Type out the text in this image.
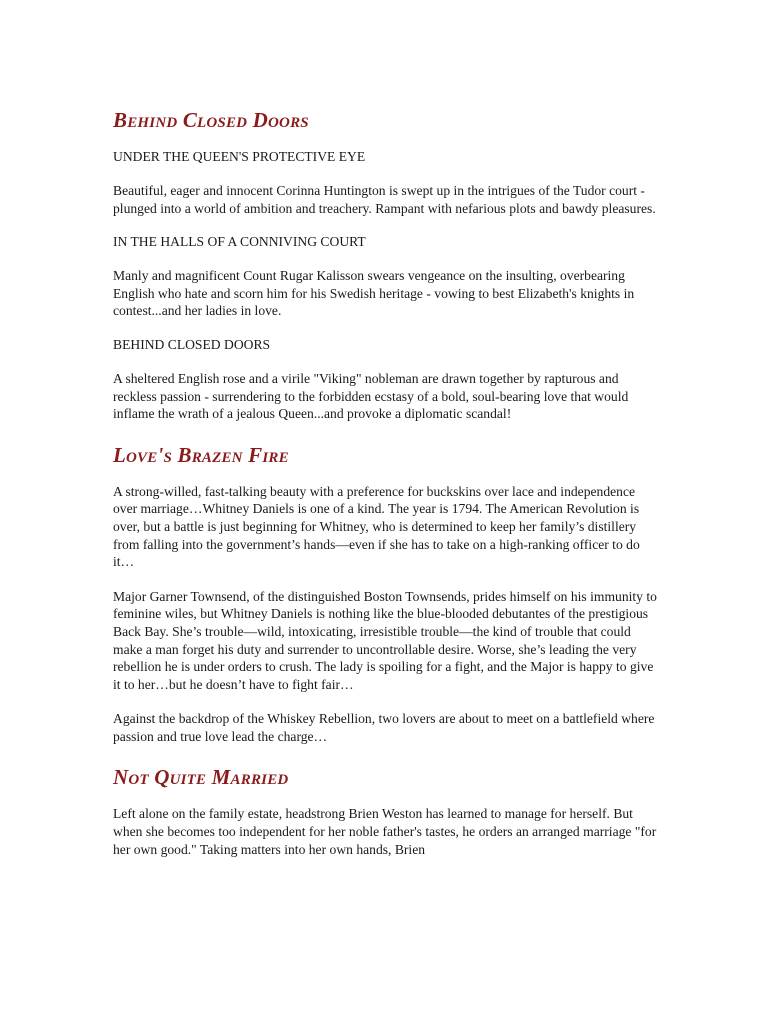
Behind Closed Doors

UNDER THE QUEEN'S PROTECTIVE EYE

Beautiful, eager and innocent Corinna Huntington is swept up in the intrigues of the Tudor court - plunged into a world of ambition and treachery. Rampant with nefarious plots and bawdy pleasures.

IN THE HALLS OF A CONNIVING COURT

Manly and magnificent Count Rugar Kalisson swears vengeance on the insulting, overbearing English who hate and scorn him for his Swedish heritage - vowing to best Elizabeth's knights in contest...and her ladies in love.

BEHIND CLOSED DOORS

A sheltered English rose and a virile "Viking" nobleman are drawn together by rapturous and reckless passion - surrendering to the forbidden ecstasy of a bold, soul-bearing love that would inflame the wrath of a jealous Queen...and provoke a diplomatic scandal!

Love's Brazen Fire

A strong-willed, fast-talking beauty with a preference for buckskins over lace and independence over marriage…Whitney Daniels is one of a kind. The year is 1794. The American Revolution is over, but a battle is just beginning for Whitney, who is determined to keep her family’s distillery from falling into the government’s hands—even if she has to take on a high-ranking officer to do it…

Major Garner Townsend, of the distinguished Boston Townsends, prides himself on his immunity to feminine wiles, but Whitney Daniels is nothing like the blue-blooded debutantes of the prestigious Back Bay. She’s trouble—wild, intoxicating, irresistible trouble—the kind of trouble that could make a man forget his duty and surrender to uncontrollable desire. Worse, she’s leading the very rebellion he is under orders to crush. The lady is spoiling for a fight, and the Major is happy to give it to her…but he doesn’t have to fight fair…

Against the backdrop of the Whiskey Rebellion, two lovers are about to meet on a battlefield where passion and true love lead the charge…

Not Quite Married

Left alone on the family estate, headstrong Brien Weston has learned to manage for herself. But when she becomes too independent for her noble father's tastes, he orders an arranged marriage "for her own good." Taking matters into her own hands, Brien
